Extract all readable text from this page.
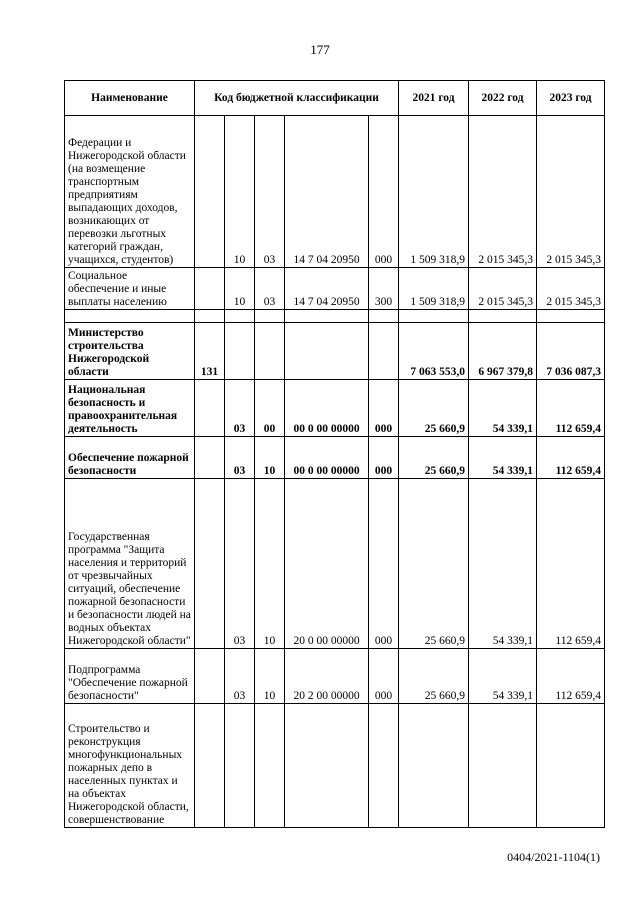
177
Наименование	Код бюджетной классификации					2021 год	2022 год	2023 год
Федерации и Нижегородской области (на возмещение транспортным предприятиям выпадающих доходов, возникающих от перевозки льготных категорий граждан, учащихся, студентов)		10	03	14 7 04 20950	000	1 509 318,9	2 015 345,3	2 015 345,3
Социальное обеспечение и иные выплаты населению		10	03	14 7 04 20950	300	1 509 318,9	2 015 345,3	2 015 345,3

Министерство строительства Нижегородской области	131					7 063 553,0	6 967 379,8	7 036 087,3
Национальная безопасность и правоохранительная деятельность		03	00	00 0 00 00000	000	25 660,9	54 339,1	112 659,4
Обеспечение пожарной безопасности		03	10	00 0 00 00000	000	25 660,9	54 339,1	112 659,4
Государственная программа "Защита населения и территорий от чрезвычайных ситуаций, обеспечение пожарной безопасности и безопасности людей на водных объектах Нижегородской области"		03	10	20 0 00 00000	000	25 660,9	54 339,1	112 659,4
Подпрограмма "Обеспечение пожарной безопасности"		03	10	20 2 00 00000	000	25 660,9	54 339,1	112 659,4
Строительство и реконструкция многофункциональных пожарных депо в населенных пунктах и на объектах Нижегородской области, совершенствование								
0404/2021-1104(1)
